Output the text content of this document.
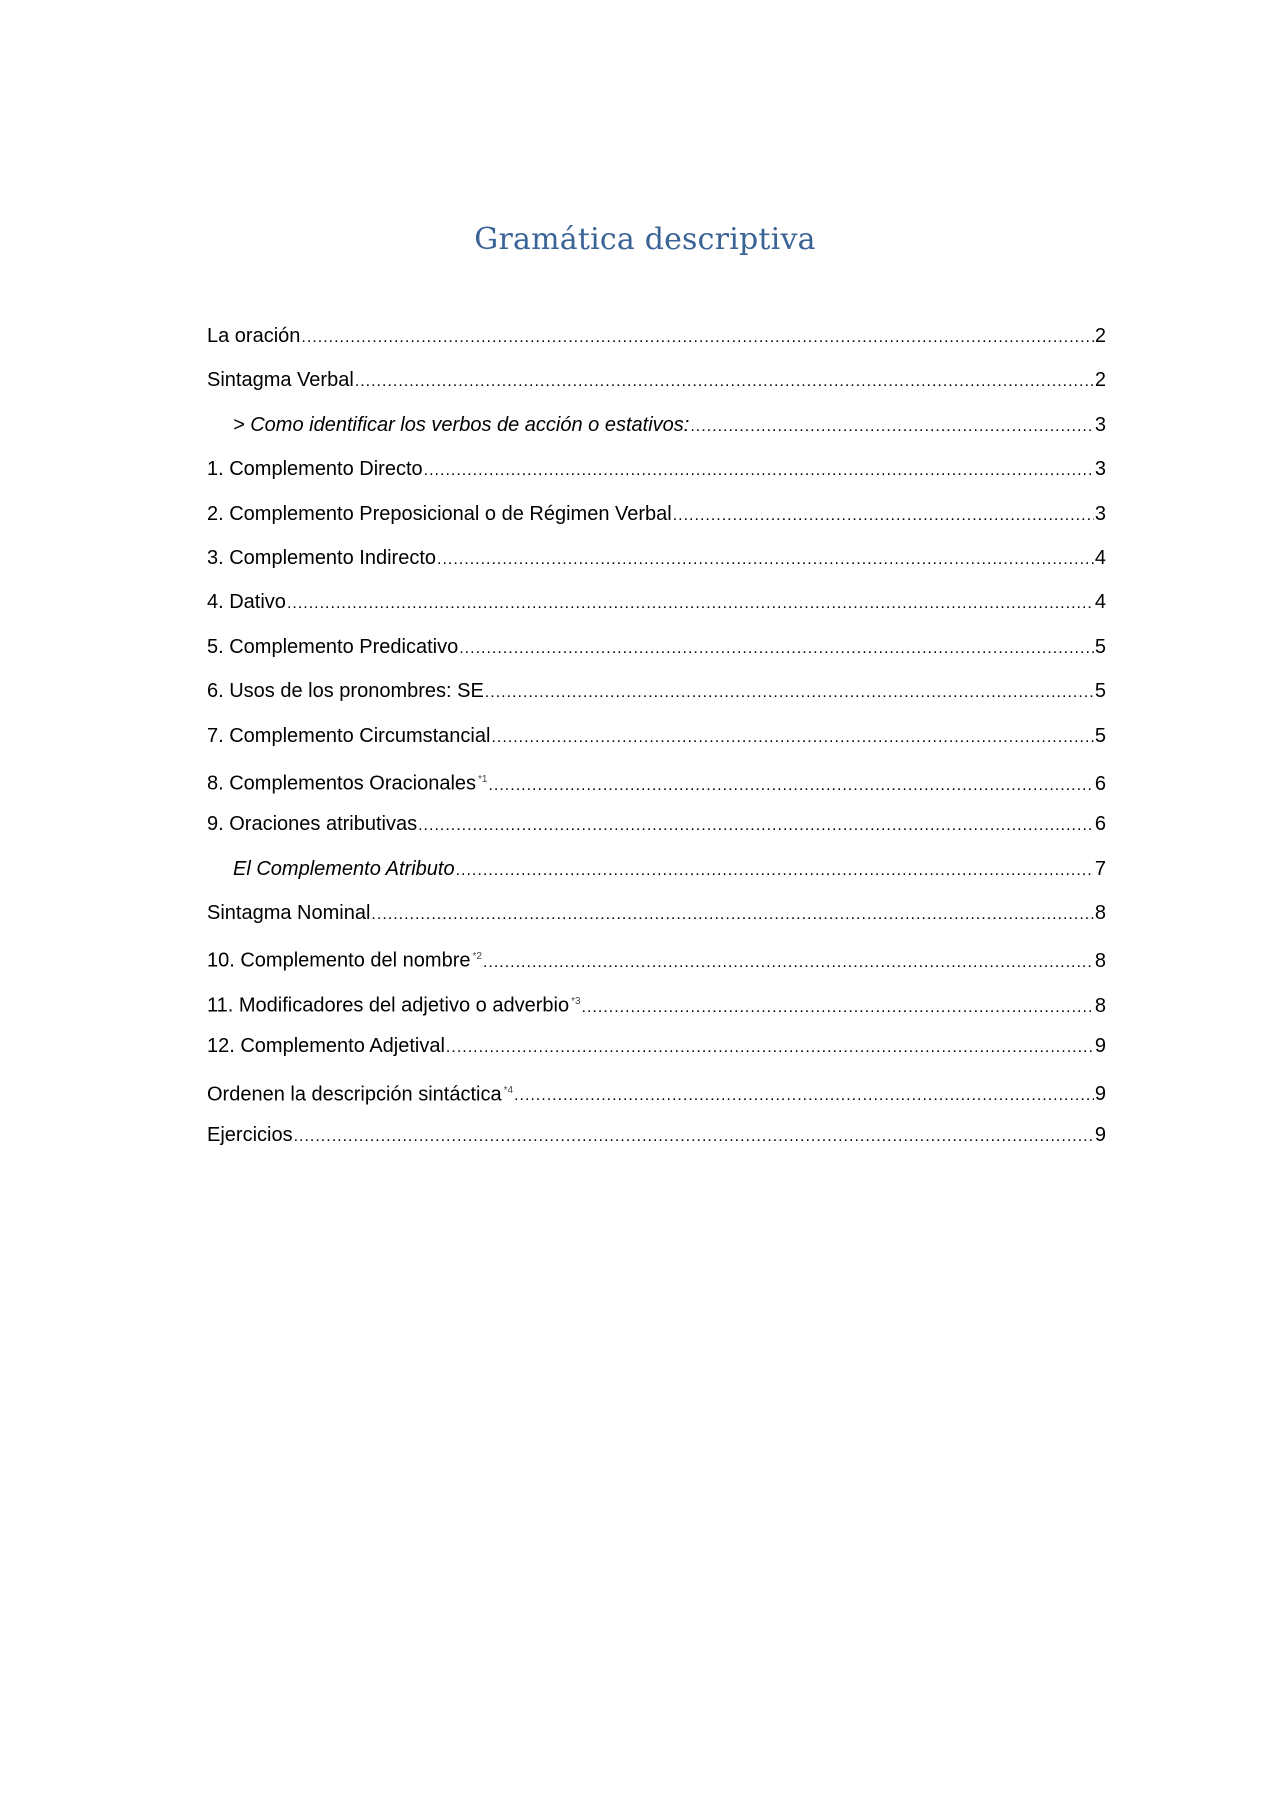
Gramática descriptiva
La oración .....	2
Sintagma Verbal .....	2
> Como identificar los verbos de acción o estativos: .....	3
1. Complemento Directo .....	3
2. Complemento Preposicional o de Régimen Verbal .....	3
3. Complemento Indirecto .....	4
4. Dativo .....	4
5. Complemento Predicativo .....	5
6. Usos de los pronombres: SE .....	5
7. Complemento Circumstancial .....	5
8. Complementos Oracionales $^{*1}$ .....	6
9. Oraciones atributivas .....	6
El Complemento Atributo .....	7
Sintagma Nominal .....	8
10. Complemento del nombre $^{*2}$ .....	8
11. Modificadores del adjetivo o adverbio $^{*3}$ .....	8
12. Complemento Adjetival .....	9
Ordenen la descripción sintáctica $^{*4}$ .....	9
Ejercicios .....	9
